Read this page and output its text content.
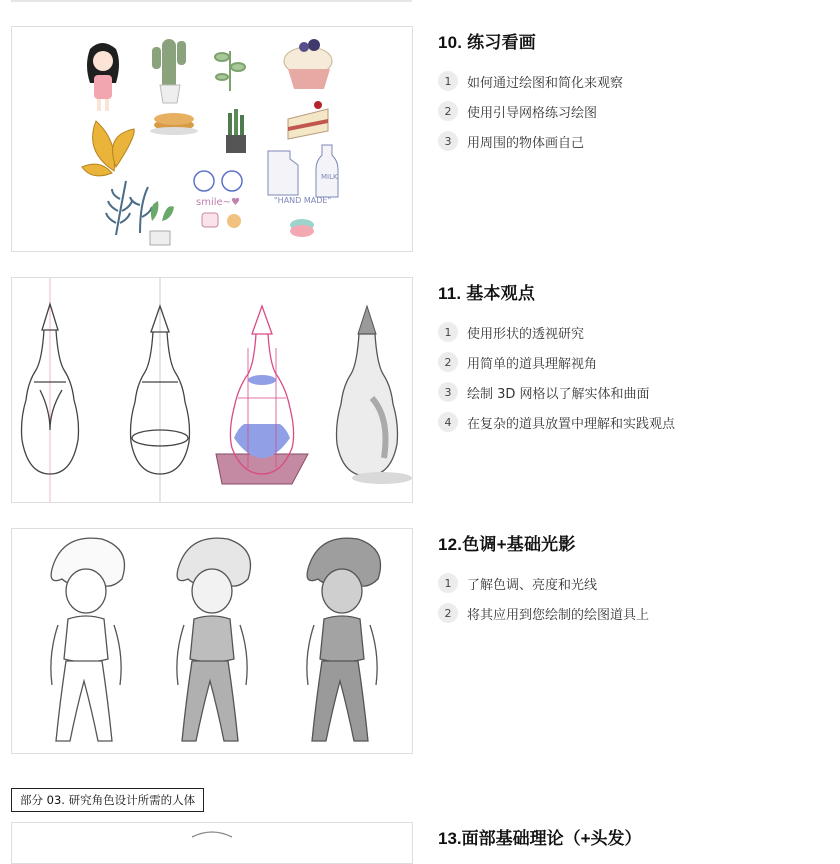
smile~♥
MILK
"HAND MADE"
10. 练习看画
1	如何通过绘图和简化来观察
2	使用引导网格练习绘图
3	用周围的物体画自己
11. 基本观点
1	使用形状的透视研究
2	用简单的道具理解视角
3	绘制 3D 网格以了解实体和曲面
4	在复杂的道具放置中理解和实践观点
12.色调+基础光影
1	了解色调、亮度和光线
2	将其应用到您绘制的绘图道具上
部分 03. 研究角色设计所需的人体
13.面部基础理论（+头发）
